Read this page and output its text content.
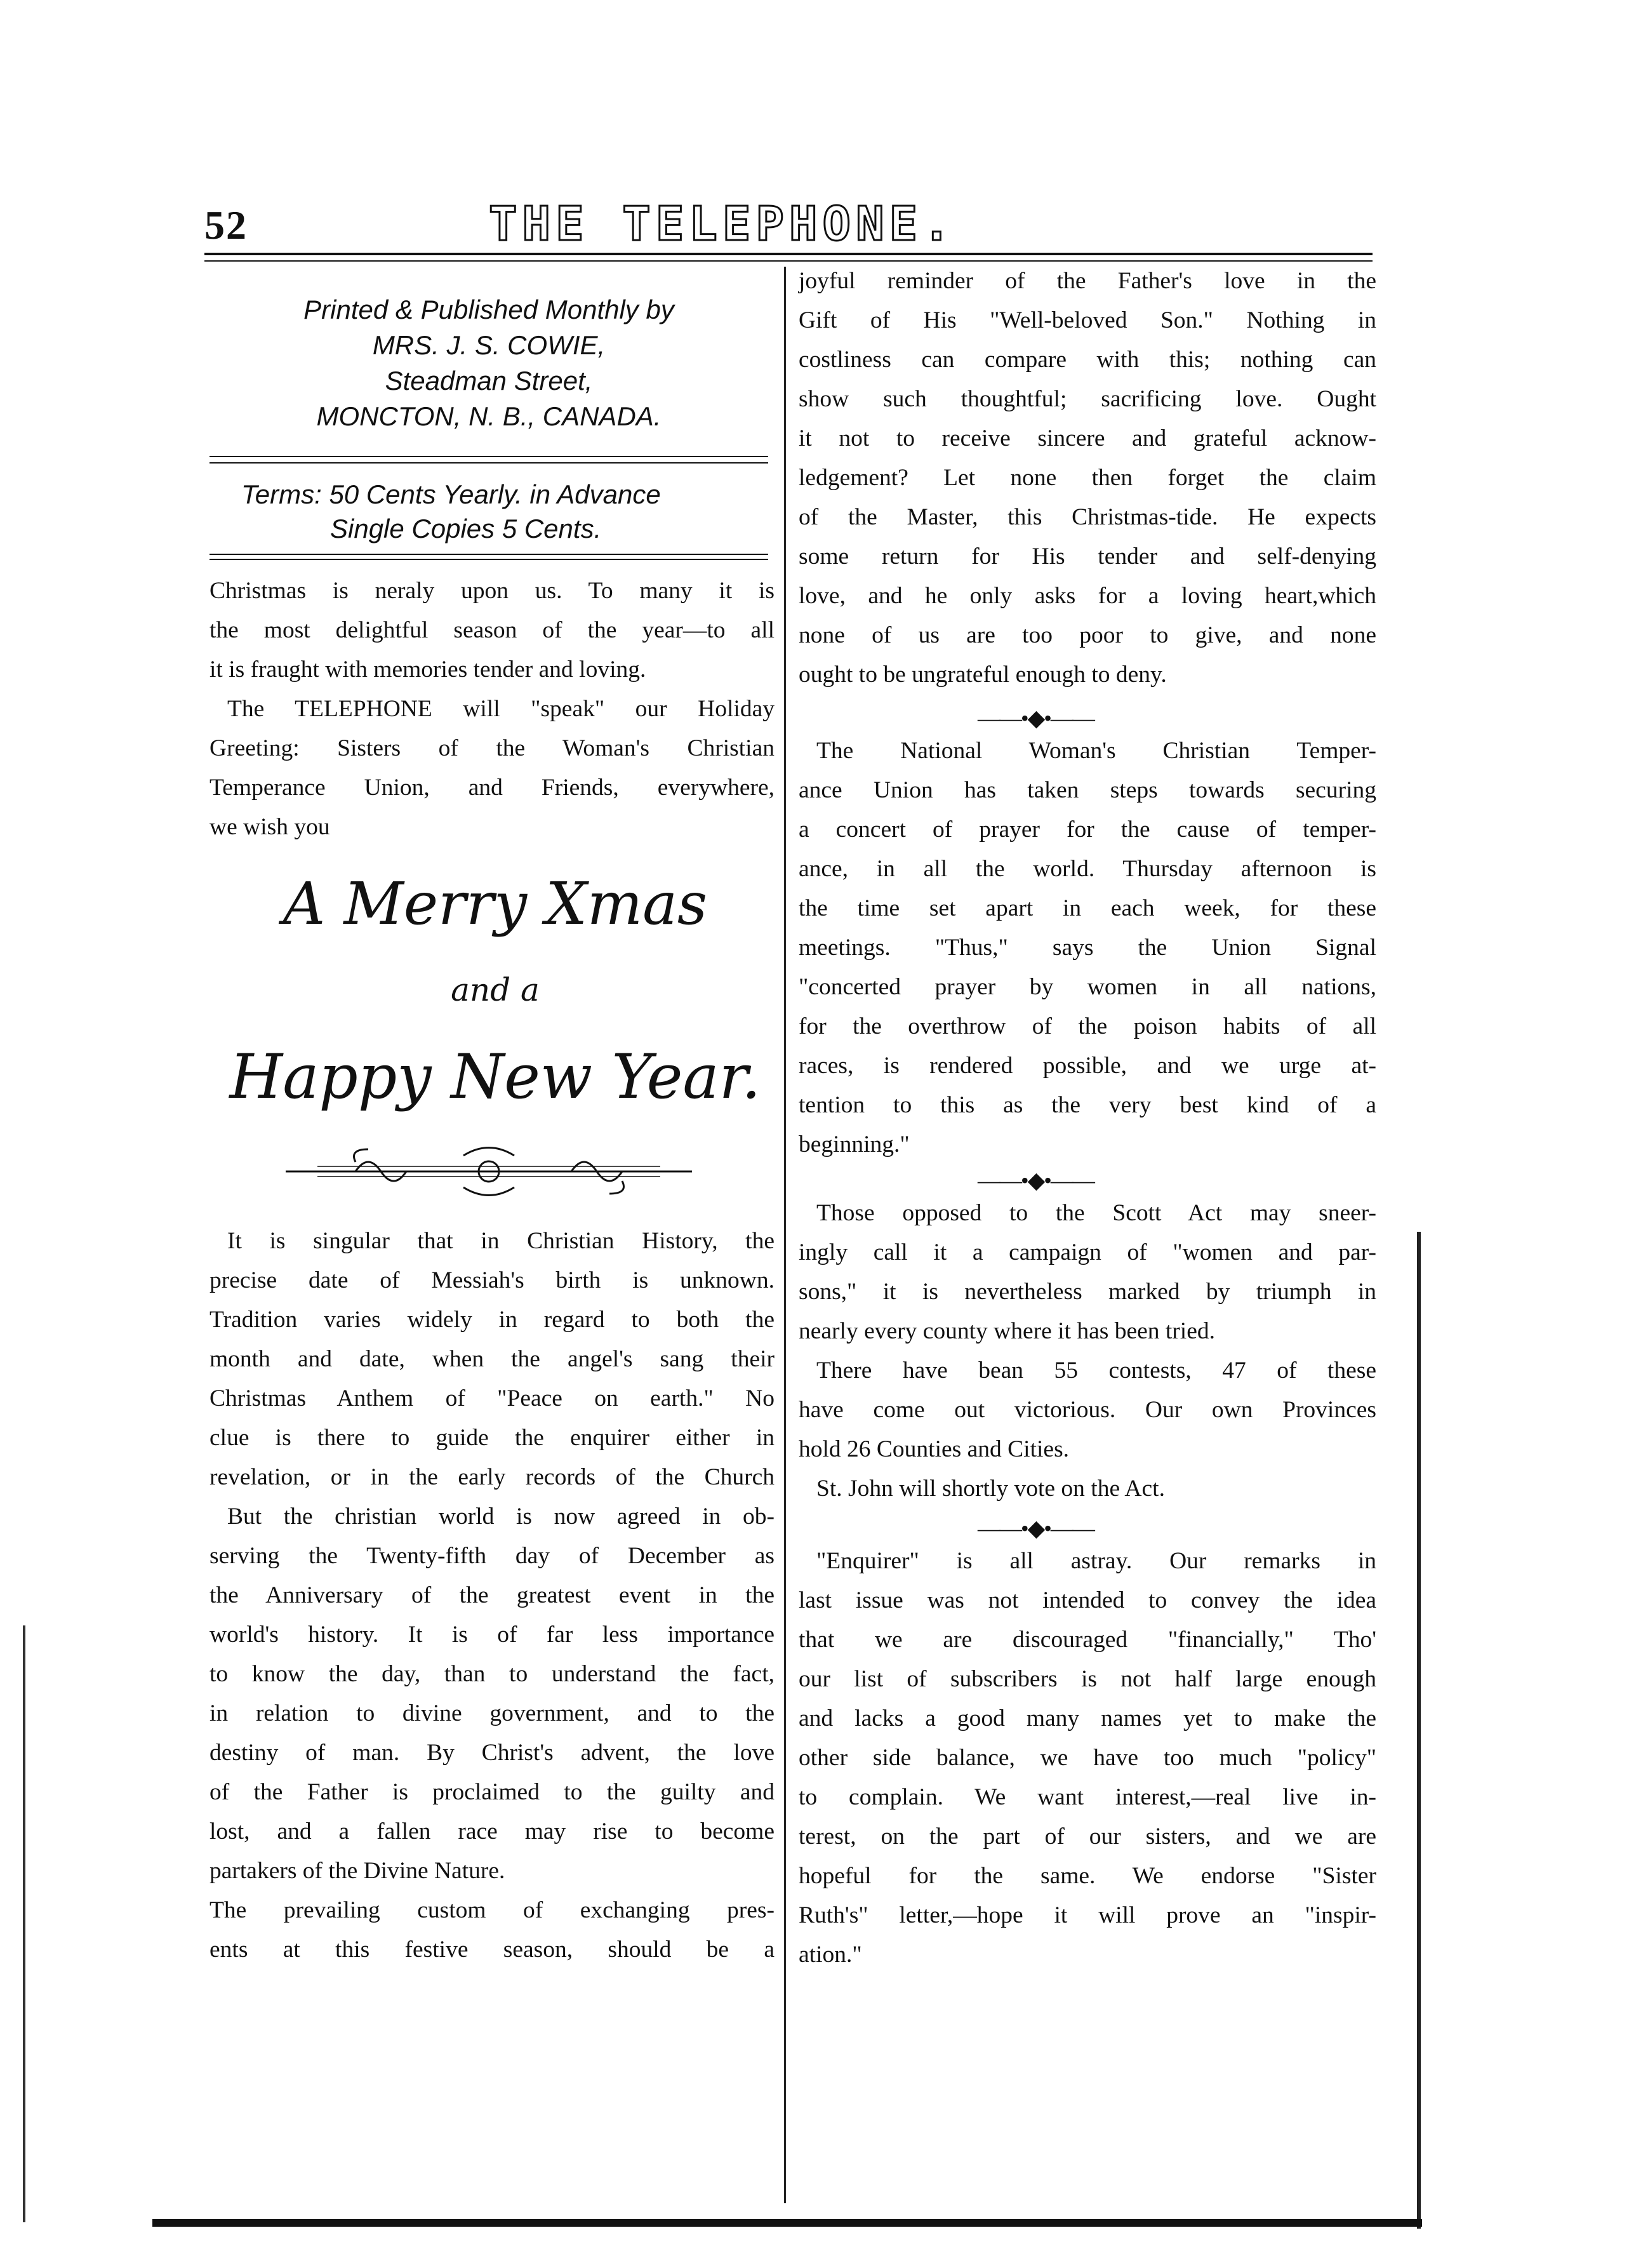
52	THE TELEPHONE.
Printed & Published Monthly by
MRS. J. S. COWIE,
Steadman Street,
MONCTON, N. B., CANADA.
Terms: 50 Cents Yearly. in Advance
Single Copies 5 Cents.

Christmas is neraly upon us. To many it is

the most delightful season of the year—to all

it is fraught with memories tender and loving.

The TELEPHONE will "speak" our Holiday

Greeting: Sisters of the Woman's Christian

Temperance Union, and Friends, everywhere,

we wish you

A Merry Xmas
and a
Happy New Year.

It is singular that in Christian History, the

precise date of Messiah's birth is unknown.

Tradition varies widely in regard to both the

month and date, when the angel's sang their

Christmas Anthem of "Peace on earth." No

clue is there to guide the enquirer either in

revelation, or in the early records of the Church

But the christian world is now agreed in ob-

serving the Twenty-fifth day of December as

the Anniversary of the greatest event in the

world's history. It is of far less importance

to know the day, than to understand the fact,

in relation to divine government, and to the

destiny of man. By Christ's advent, the love

of the Father is proclaimed to the guilty and

lost, and a fallen race may rise to become

partakers of the Divine Nature.

The prevailing custom of exchanging pres-

ents at this festive season, should be a

joyful reminder of the Father's love in the

Gift of His "Well-beloved Son." Nothing in

costliness can compare with this; nothing can

show such thoughtful; sacrificing love. Ought

it not to receive sincere and grateful acknow-

ledgement? Let none then forget the claim

of the Master, this Christmas-tide. He expects

some return for His tender and self-denying

love, and he only asks for a loving heart,which

none of us are too poor to give, and none

ought to be ungrateful enough to deny.

——•◆•——

The National Woman's Christian Temper-

ance Union has taken steps towards securing

a concert of prayer for the cause of temper-

ance, in all the world. Thursday afternoon is

the time set apart in each week, for these

meetings. "Thus," says the Union Signal

"concerted prayer by women in all nations,

for the overthrow of the poison habits of all

races, is rendered possible, and we urge at-

tention to this as the very best kind of a

beginning."

——•◆•——

Those opposed to the Scott Act may sneer-

ingly call it a campaign of "women and par-

sons," it is nevertheless marked by triumph in

nearly every county where it has been tried.

There have bean 55 contests, 47 of these

have come out victorious. Our own Provinces

hold 26 Counties and Cities.

St. John will shortly vote on the Act.

——•◆•——

"Enquirer" is all astray. Our remarks in

last issue was not intended to convey the idea

that we are discouraged "financially," Tho'

our list of subscribers is not half large enough

and lacks a good many names yet to make the

other side balance, we have too much "policy"

to complain. We want interest,—real live in-

terest, on the part of our sisters, and we are

hopeful for the same. We endorse "Sister

Ruth's" letter,—hope it will prove an "inspir-

ation."
